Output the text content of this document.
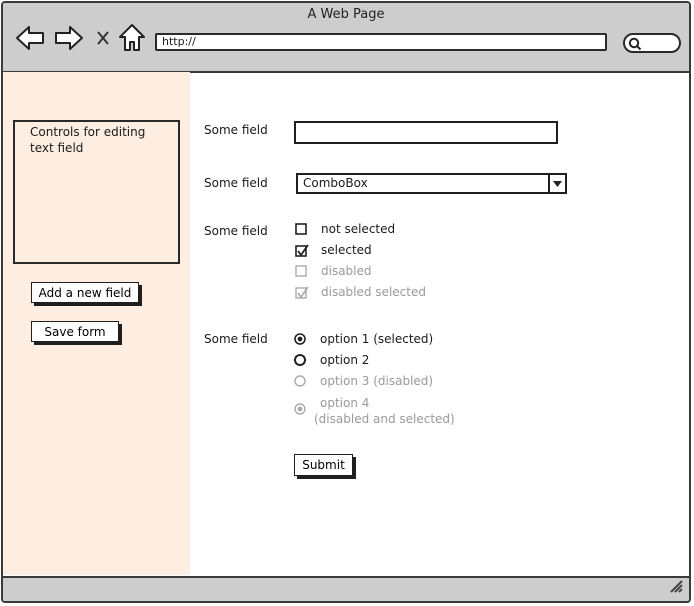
A Web Page
http://
Controls for editing text field
Add a new field
Save form
Some field
Some field	ComboBox
Some field	not selected
selected
disabled
disabled selected
Some field	option 1 (selected)
option 2
option 3 (disabled)
option 4
(disabled and selected)
Submit
